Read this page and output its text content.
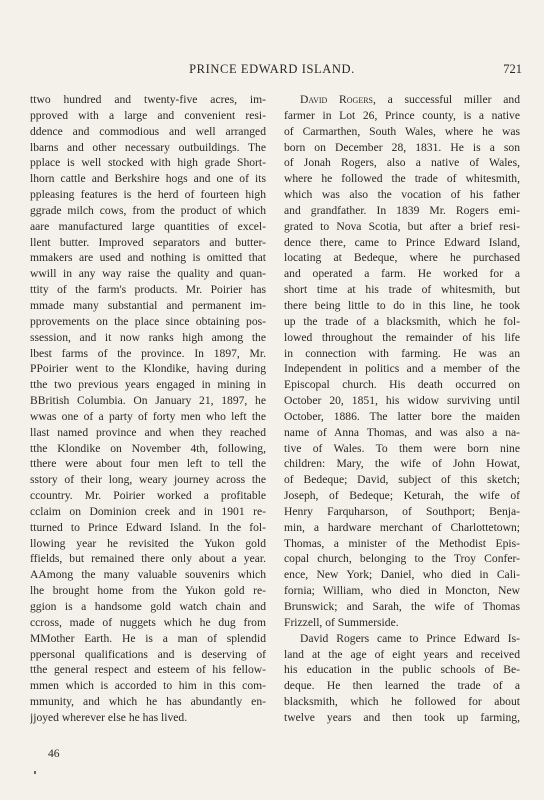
PRINCE EDWARD ISLAND.	721
ttwo hundred and twenty-five acres, im-
pproved with a large and convenient resi-
ddence and commodious and well arranged
lbarns and other necessary outbuildings. The
pplace is well stocked with high grade Short-
lhorn cattle and Berkshire hogs and one of its
ppleasing features is the herd of fourteen high
ggrade milch cows, from the product of which
aare manufactured large quantities of excel-
llent butter. Improved separators and butter-
mmakers are used and nothing is omitted that
wwill in any way raise the quality and quan-
ttity of the farm's products. Mr. Poirier has
mmade many substantial and permanent im-
pprovements on the place since obtaining pos-
ssession, and it now ranks high among the
lbest farms of the province. In 1897, Mr.
PPoirier went to the Klondike, having during
tthe two previous years engaged in mining in
BBritish Columbia. On January 21, 1897, he
wwas one of a party of forty men who left the
llast named province and when they reached
tthe Klondike on November 4th, following,
tthere were about four men left to tell the
sstory of their long, weary journey across the
ccountry. Mr. Poirier worked a profitable
cclaim on Dominion creek and in 1901 re-
tturned to Prince Edward Island. In the fol-
llowing year he revisited the Yukon gold
ffields, but remained there only about a year.
AAmong the many valuable souvenirs which
lhe brought home from the Yukon gold re-
ggion is a handsome gold watch chain and
ccross, made of nuggets which he dug from
MMother Earth. He is a man of splendid
ppersonal qualifications and is deserving of
tthe general respect and esteem of his fellow-
mmen which is accorded to him in this com-
mmunity, and which he has abundantly en-
jjoyed wherever else he has lived.
David Rogers, a successful miller and
farmer in Lot 26, Prince county, is a native
of Carmarthen, South Wales, where he was
born on December 28, 1831. He is a son
of Jonah Rogers, also a native of Wales,
where he followed the trade of whitesmith,
which was also the vocation of his father
and grandfather. In 1839 Mr. Rogers emi-
grated to Nova Scotia, but after a brief resi-
dence there, came to Prince Edward Island,
locating at Bedeque, where he purchased
and operated a farm. He worked for a
short time at his trade of whitesmith, but
there being little to do in this line, he took
up the trade of a blacksmith, which he fol-
lowed throughout the remainder of his life
in connection with farming. He was an
Independent in politics and a member of the
Episcopal church. His death occurred on
October 20, 1851, his widow surviving until
October, 1886. The latter bore the maiden
name of Anna Thomas, and was also a na-
tive of Wales. To them were born nine
children: Mary, the wife of John Howat,
of Bedeque; David, subject of this sketch;
Joseph, of Bedeque; Keturah, the wife of
Henry Farquharson, of Southport; Benja-
min, a hardware merchant of Charlottetown;
Thomas, a minister of the Methodist Epis-
copal church, belonging to the Troy Confer-
ence, New York; Daniel, who died in Cali-
fornia; William, who died in Moncton, New
Brunswick; and Sarah, the wife of Thomas
Frizzell, of Summerside.
David Rogers came to Prince Edward Is-
land at the age of eight years and received
his education in the public schools of Be-
deque. He then learned the trade of a
blacksmith, which he followed for about
twelve years and then took up farming,
46
